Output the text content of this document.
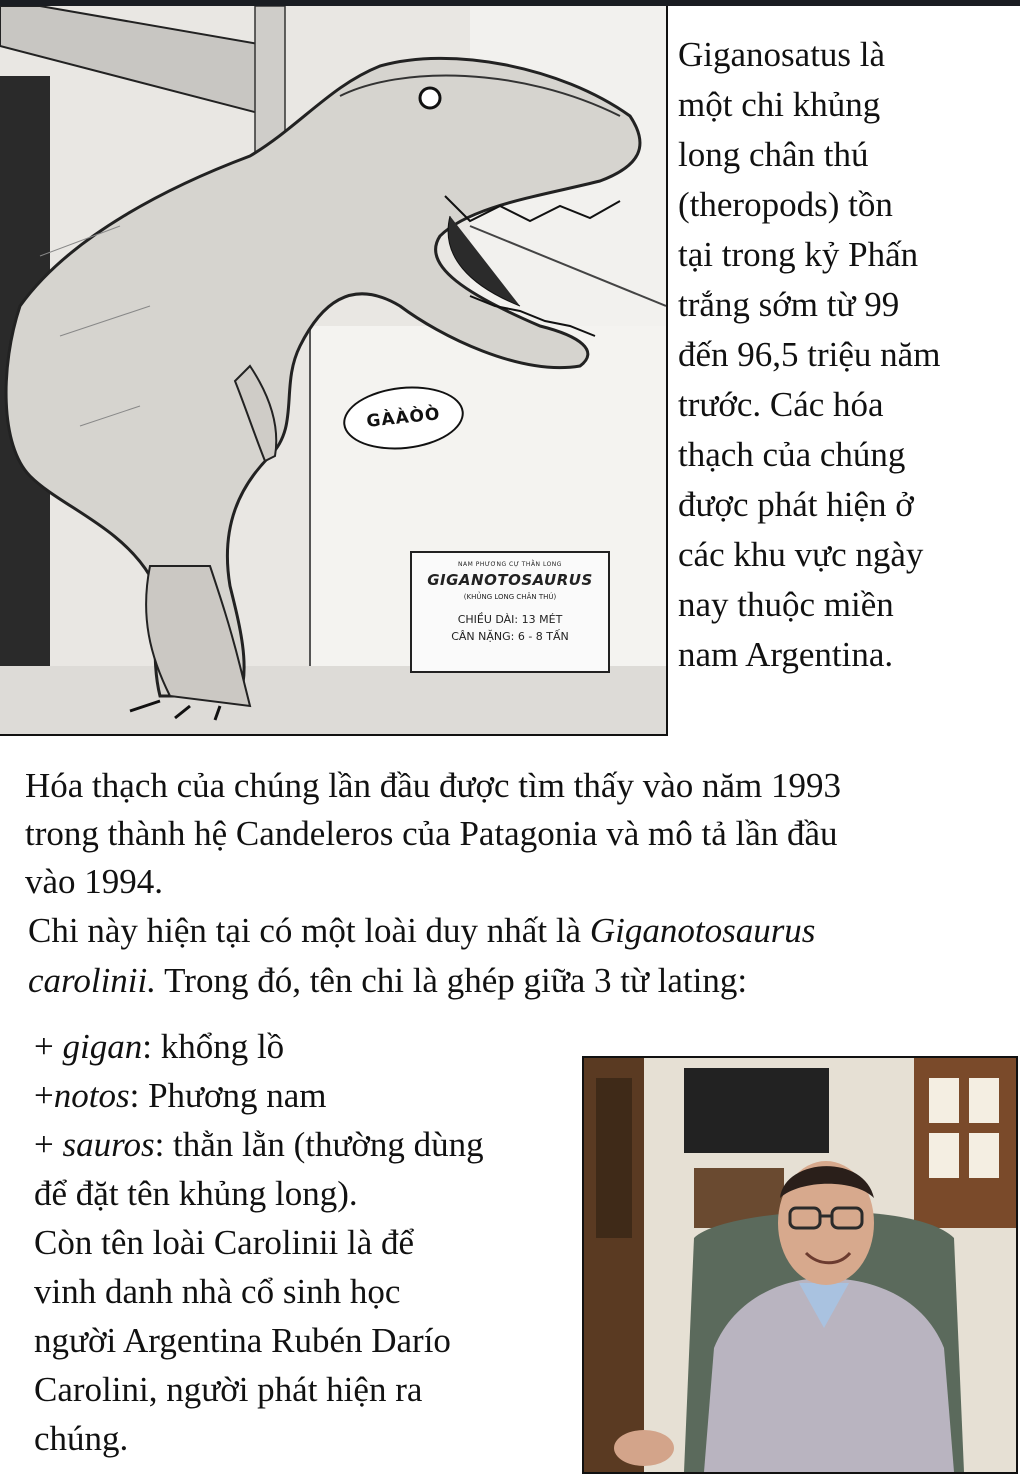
GÀÀÒÒ
NAM PHƯƠNG CỰ THẰN LONG
GIGANOTOSAURUS
(KHỦNG LONG CHÂN THÚ)
CHIỀU DÀI: 13 MÉT
CÂN NẶNG: 6 - 8 TẤN
Giganosatus là
một chi khủng
long chân thú
(theropods) tồn
tại trong kỷ Phấn
trắng sớm từ 99
đến 96,5 triệu năm
trước. Các hóa
thạch của chúng
được phát hiện ở
các khu vực ngày
nay thuộc miền
nam Argentina.
Hóa thạch của chúng lần đầu được tìm thấy vào năm 1993
trong thành hệ Candeleros của Patagonia và mô tả lần đầu
vào 1994.
Chi này hiện tại có một loài duy nhất là Giganotosaurus
carolinii. Trong đó, tên chi là ghép giữa 3 từ lating:
+ gigan: khổng lồ
+notos: Phương nam
+ sauros: thằn lằn (thường dùng
để đặt tên khủng long).
Còn tên loài Carolinii là để
vinh danh nhà cổ sinh học
người Argentina Rubén Darío
Carolini, người phát hiện ra
chúng.
